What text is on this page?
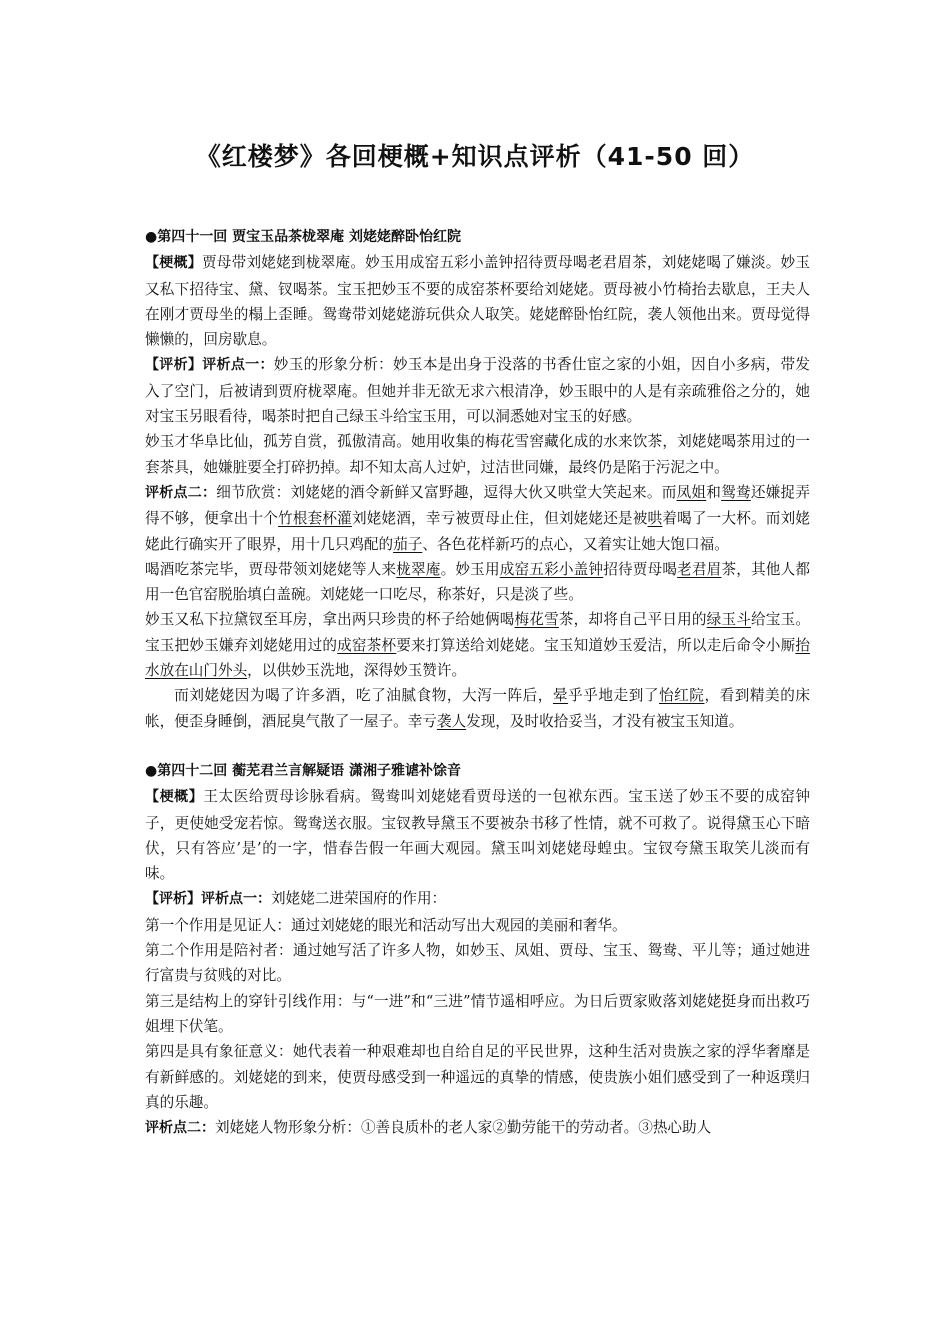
《红楼梦》各回梗概+知识点评析（41-50 回）

●第四十一回 贾宝玉品茶栊翠庵 刘姥姥醉卧怡红院

【梗概】贾母带刘姥姥到栊翠庵。妙玉用成窑五彩小盖钟招待贾母喝老君眉茶，刘姥姥喝了嫌淡。妙玉又私下招待宝、黛、钗喝茶。宝玉把妙玉不要的成窑茶杯要给刘姥姥。贾母被小竹椅抬去歇息，王夫人在刚才贾母坐的榻上歪睡。鸳鸯带刘姥姥游玩供众人取笑。姥姥醉卧怡红院，袭人领他出来。贾母觉得懒懒的，回房歇息。

【评析】评析点一：妙玉的形象分析：妙玉本是出身于没落的书香仕宦之家的小姐，因自小多病，带发入了空门，后被请到贾府栊翠庵。但她并非无欲无求六根清净，妙玉眼中的人是有亲疏雅俗之分的，她对宝玉另眼看待，喝茶时把自己绿玉斗给宝玉用，可以洞悉她对宝玉的好感。

妙玉才华阜比仙，孤芳自赏，孤傲清高。她用收集的梅花雪窖藏化成的水来饮茶，刘姥姥喝茶用过的一套茶具，她嫌脏要全打碎扔掉。却不知太高人过妒，过洁世同嫌，最终仍是陷于污泥之中。

评析点二：细节欣赏：刘姥姥的酒令新鲜又富野趣，逗得大伙又哄堂大笑起来。而凤姐和鸳鸯还嫌捉弄得不够，便拿出十个竹根套杯灌刘姥姥酒，幸亏被贾母止住，但刘姥姥还是被哄着喝了一大杯。而刘姥姥此行确实开了眼界，用十几只鸡配的茄子、各色花样新巧的点心，又着实让她大饱口福。

喝酒吃茶完毕，贾母带领刘姥姥等人来栊翠庵。妙玉用成窑五彩小盖钟招待贾母喝老君眉茶，其他人都用一色官窑脱胎填白盖碗。刘姥姥一口吃尽，称茶好，只是淡了些。

妙玉又私下拉黛钗至耳房，拿出两只珍贵的杯子给她俩喝梅花雪茶，却将自己平日用的绿玉斗给宝玉。宝玉把妙玉嫌弃刘姥姥用过的成窑茶杯要来打算送给刘姥姥。宝玉知道妙玉爱洁，所以走后命令小厮抬水放在山门外头，以供妙玉洗地，深得妙玉赞许。

而刘姥姥因为喝了许多酒，吃了油腻食物，大泻一阵后，晕乎乎地走到了怡红院，看到精美的床帐，便歪身睡倒，酒屁臭气散了一屋子。幸亏袭人发现，及时收拾妥当，才没有被宝玉知道。

●第四十二回 蘅芜君兰言解疑语 潇湘子雅谑补馀音

【梗概】王太医给贾母诊脉看病。鸳鸯叫刘姥姥看贾母送的一包袱东西。宝玉送了妙玉不要的成窑钟子，更使她受宠若惊。鸳鸯送衣服。宝钗教导黛玉不要被杂书移了性情，就不可救了。说得黛玉心下暗伏，只有答应’是’的一字，惜春告假一年画大观园。黛玉叫刘姥姥母蝗虫。宝钗夸黛玉取笑儿淡而有味。

【评析】评析点一：刘姥姥二进荣国府的作用：

第一个作用是见证人：通过刘姥姥的眼光和活动写出大观园的美丽和奢华。

第二个作用是陪衬者：通过她写活了许多人物，如妙玉、凤姐、贾母、宝玉、鸳鸯、平儿等；通过她进行富贵与贫贱的对比。

第三是结构上的穿针引线作用：与“一进”和“三进”情节遥相呼应。为日后贾家败落刘姥姥挺身而出救巧姐埋下伏笔。

第四是具有象征意义：她代表着一种艰难却也自给自足的平民世界，这种生活对贵族之家的浮华奢靡是有新鲜感的。刘姥姥的到来，使贾母感受到一种遥远的真挚的情感，使贵族小姐们感受到了一种返璞归真的乐趣。

评析点二：刘姥姥人物形象分析：①善良质朴的老人家②勤劳能干的劳动者。③热心助人
